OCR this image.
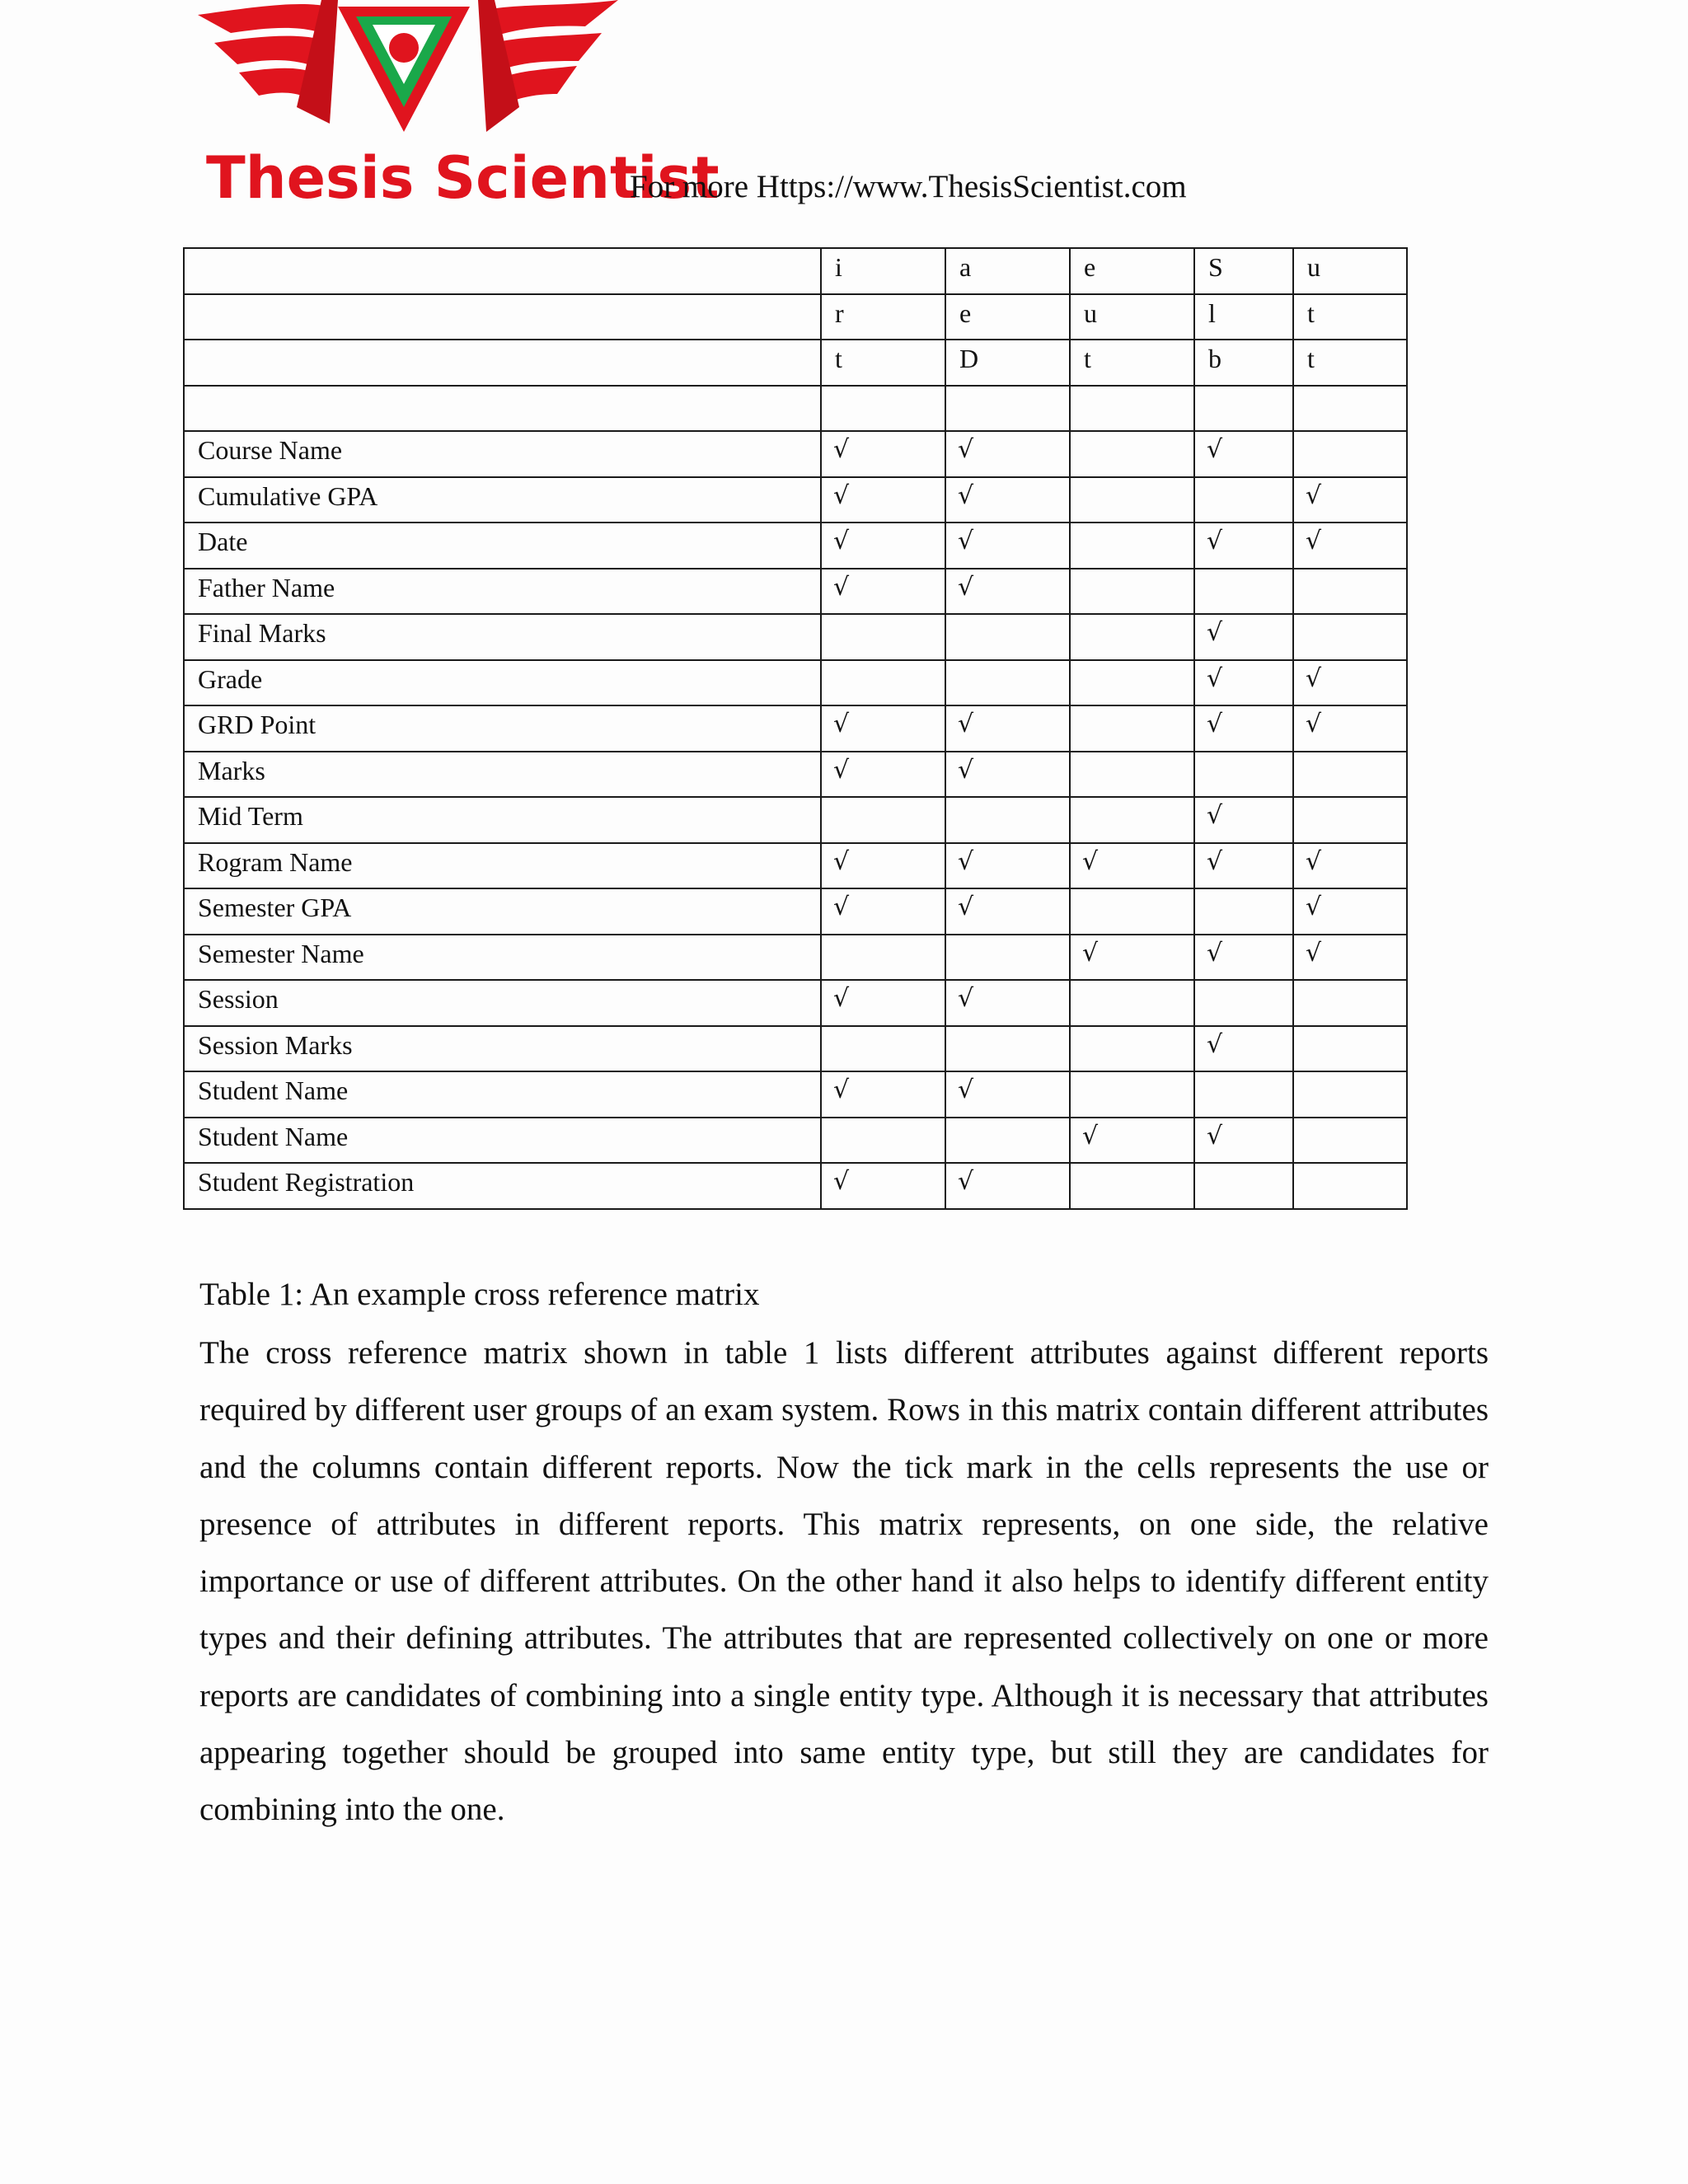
Thesis Scientist
For more Https://www.ThesisScientist.com
	i	a	e	S	u
	r	e	u	l	t
	t	D	t	b	t

Course Name	√	√		√	
Cumulative GPA	√	√			√
Date	√	√		√	√
Father Name	√	√			
Final Marks				√	
Grade				√	√
GRD Point	√	√		√	√
Marks	√	√			
Mid Term				√	
Rogram Name	√	√	√	√	√
Semester GPA	√	√			√
Semester Name			√	√	√
Session	√	√			
Session Marks				√	
Student Name	√	√			
Student Name			√	√	
Student Registration	√	√			
Table 1: An example cross reference matrix

The cross reference matrix shown in table 1 lists different attributes against different reports required by different user groups of an exam system. Rows in this matrix contain different attributes and the columns contain different reports. Now the tick mark in the cells represents the use or presence of attributes in different reports. This matrix represents, on one side, the relative importance or use of different attributes. On the other hand it also helps to identify different entity types and their defining attributes. The attributes that are represented collectively on one or more reports are candidates of combining into a single entity type. Although it is necessary that attributes appearing together should be grouped into same entity type, but still they are candidates for combining into the one.
